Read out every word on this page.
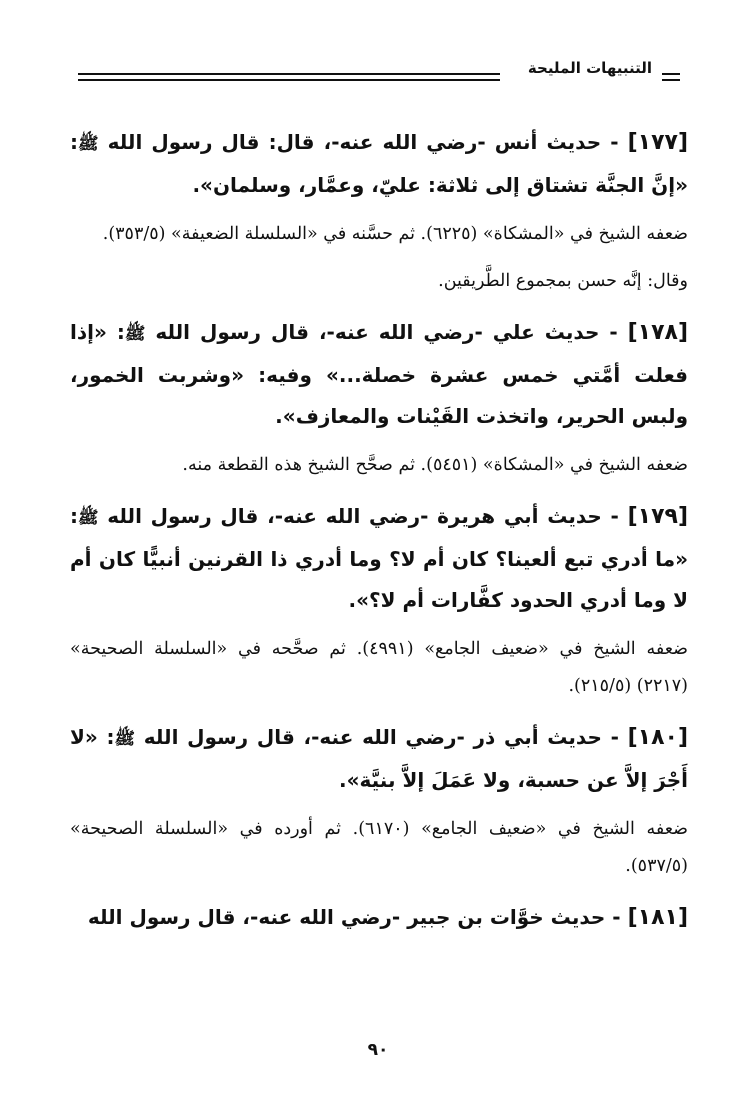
التنبيهات المليحة

[١٧٧] - حديث أنس -رضي الله عنه-، قال: قال رسول الله ﷺ: «إنَّ الجنَّة تشتاق إلى ثلاثة: عليّ، وعمَّار، وسلمان».

ضعفه الشيخ في «المشكاة» (٦٢٢٥). ثم حسَّنه في «السلسلة الضعيفة» (٣٥٣/٥).

وقال: إنَّه حسن بمجموع الطَّريقين.

[١٧٨] - حديث علي -رضي الله عنه-، قال رسول الله ﷺ: «إذا فعلت أمَّتي خمس عشرة خصلة...» وفيه: «وشربت الخمور، ولبس الحرير، واتخذت القَيْنات والمعازف».

ضعفه الشيخ في «المشكاة» (٥٤٥١). ثم صحَّح الشيخ هذه القطعة منه.

[١٧٩] - حديث أبي هريرة -رضي الله عنه-، قال رسول الله ﷺ: «ما أدري تبع ألعينا؟ كان أم لا؟ وما أدري ذا القرنين أنبيًّا كان أم لا وما أدري الحدود كفَّارات أم لا؟».

ضعفه الشيخ في «ضعيف الجامع» (٤٩٩١). ثم صحَّحه في «السلسلة الصحيحة» (٢٢١٧) (٢١٥/٥).

[١٨٠] - حديث أبي ذر -رضي الله عنه-، قال رسول الله ﷺ: «لا أَجْرَ إلاَّ عن حسبة، ولا عَمَلَ إلاَّ بنيَّة».

ضعفه الشيخ في «ضعيف الجامع» (٦١٧٠). ثم أورده في «السلسلة الصحيحة» (٥٣٧/٥).

[١٨١] - حديث خوَّات بن جبير -رضي الله عنه-، قال رسول الله

٩٠
